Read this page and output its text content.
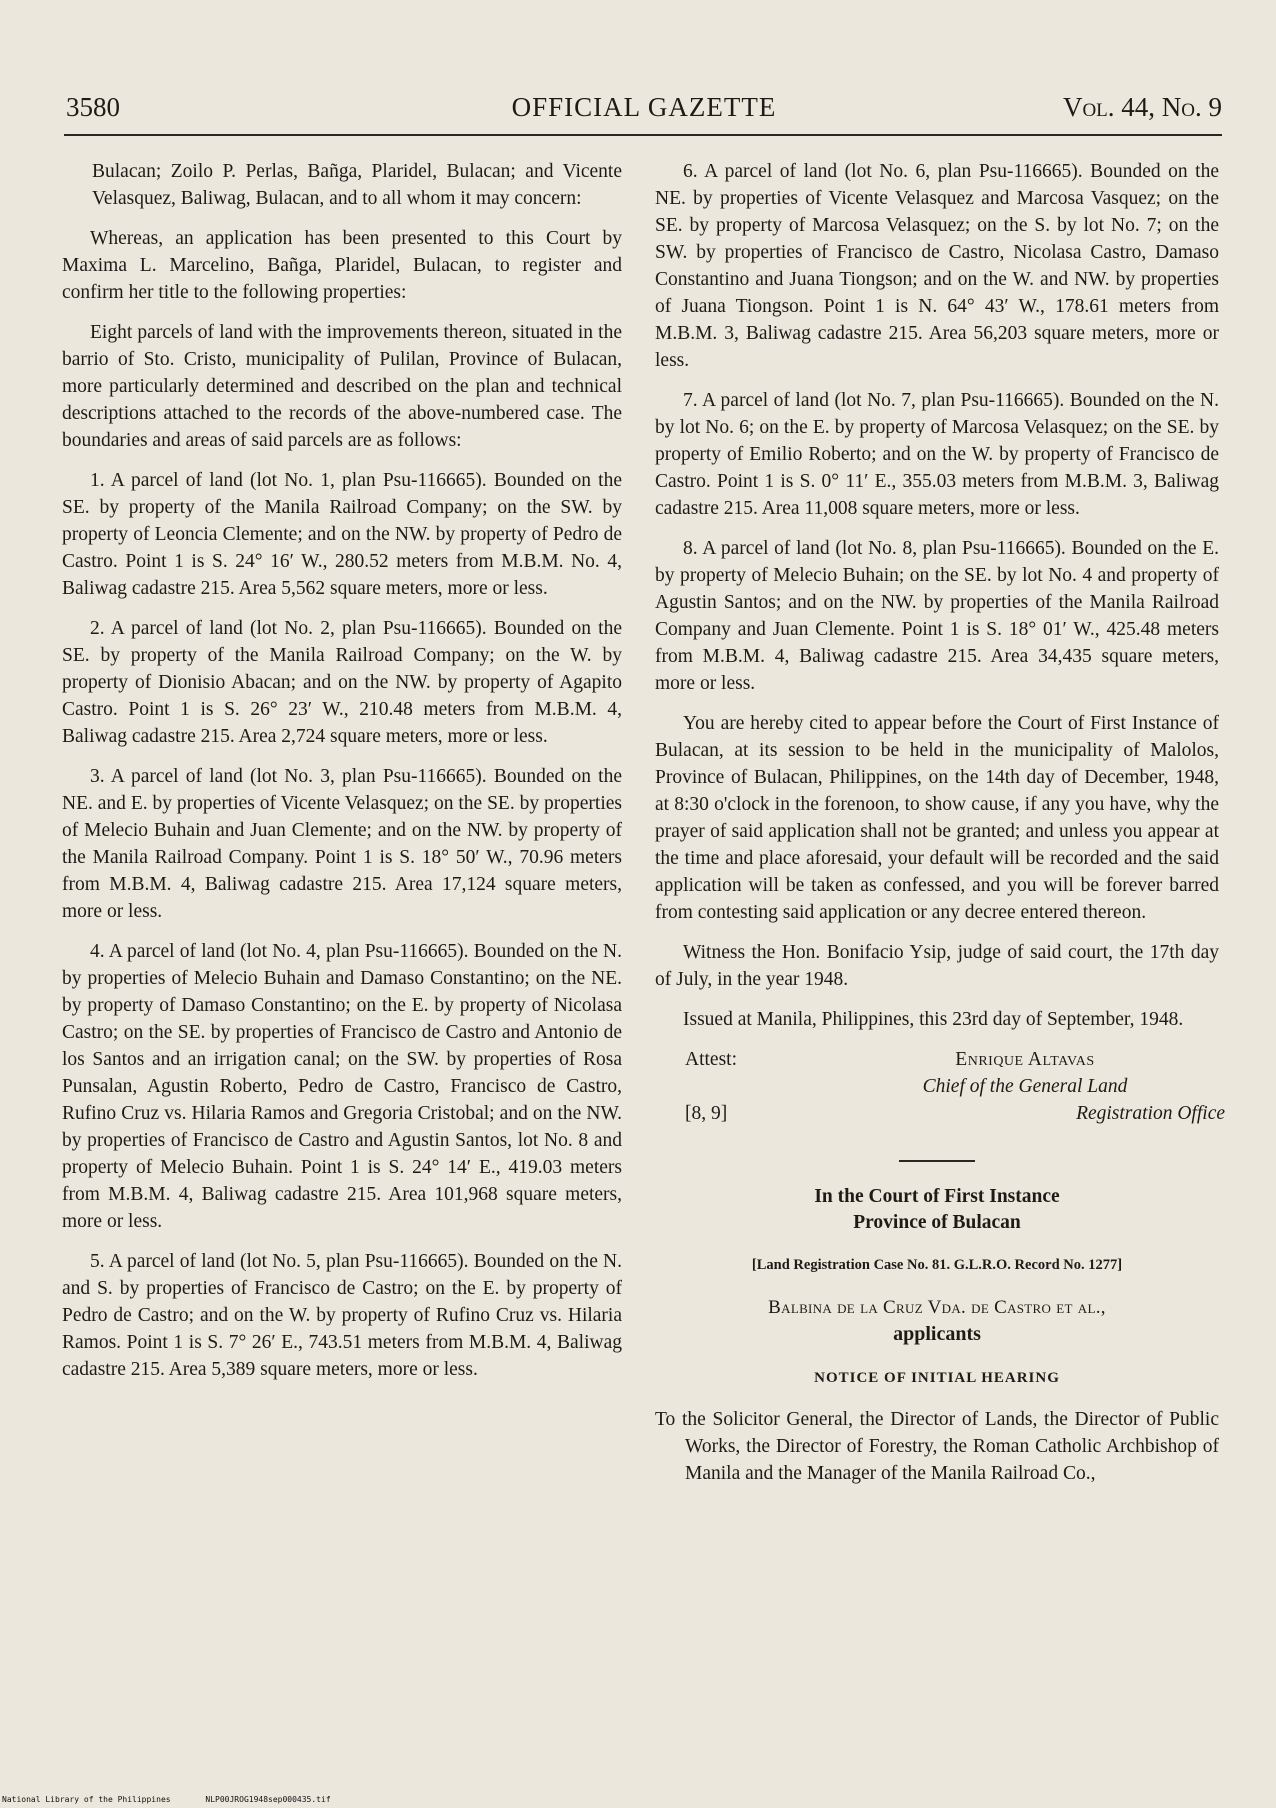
3580	OFFICIAL GAZETTE	Vol. 44, No. 9

Bulacan; Zoilo P. Perlas, Bañga, Plaridel, Bulacan; and Vicente Velasquez, Baliwag, Bulacan, and to all whom it may concern:

Whereas, an application has been presented to this Court by Maxima L. Marcelino, Bañga, Plaridel, Bulacan, to register and confirm her title to the following properties:

Eight parcels of land with the improvements thereon, situated in the barrio of Sto. Cristo, municipality of Pulilan, Province of Bulacan, more particularly determined and described on the plan and technical descriptions attached to the records of the above-numbered case. The boundaries and areas of said parcels are as follows:

1. A parcel of land (lot No. 1, plan Psu-116665). Bounded on the SE. by property of the Manila Railroad Company; on the SW. by property of Leoncia Clemente; and on the NW. by property of Pedro de Castro. Point 1 is S. 24° 16′ W., 280.52 meters from M.B.M. No. 4, Baliwag cadastre 215. Area 5,562 square meters, more or less.

2. A parcel of land (lot No. 2, plan Psu-116665). Bounded on the SE. by property of the Manila Railroad Company; on the W. by property of Dionisio Abacan; and on the NW. by property of Agapito Castro. Point 1 is S. 26° 23′ W., 210.48 meters from M.B.M. 4, Baliwag cadastre 215. Area 2,724 square meters, more or less.

3. A parcel of land (lot No. 3, plan Psu-116665). Bounded on the NE. and E. by properties of Vicente Velasquez; on the SE. by properties of Melecio Buhain and Juan Clemente; and on the NW. by property of the Manila Railroad Company. Point 1 is S. 18° 50′ W., 70.96 meters from M.B.M. 4, Baliwag cadastre 215. Area 17,124 square meters, more or less.

4. A parcel of land (lot No. 4, plan Psu-116665). Bounded on the N. by properties of Melecio Buhain and Damaso Constantino; on the NE. by property of Damaso Constantino; on the E. by property of Nicolasa Castro; on the SE. by properties of Francisco de Castro and Antonio de los Santos and an irrigation canal; on the SW. by properties of Rosa Punsalan, Agustin Roberto, Pedro de Castro, Francisco de Castro, Rufino Cruz vs. Hilaria Ramos and Gregoria Cristobal; and on the NW. by properties of Francisco de Castro and Agustin Santos, lot No. 8 and property of Melecio Buhain. Point 1 is S. 24° 14′ E., 419.03 meters from M.B.M. 4, Baliwag cadastre 215. Area 101,968 square meters, more or less.

5. A parcel of land (lot No. 5, plan Psu-116665). Bounded on the N. and S. by properties of Francisco de Castro; on the E. by property of Pedro de Castro; and on the W. by property of Rufino Cruz vs. Hilaria Ramos. Point 1 is S. 7° 26′ E., 743.51 meters from M.B.M. 4, Baliwag cadastre 215. Area 5,389 square meters, more or less.

6. A parcel of land (lot No. 6, plan Psu-116665). Bounded on the NE. by properties of Vicente Velasquez and Marcosa Vasquez; on the SE. by property of Marcosa Velasquez; on the S. by lot No. 7; on the SW. by properties of Francisco de Castro, Nicolasa Castro, Damaso Constantino and Juana Tiongson; and on the W. and NW. by properties of Juana Tiongson. Point 1 is N. 64° 43′ W., 178.61 meters from M.B.M. 3, Baliwag cadastre 215. Area 56,203 square meters, more or less.

7. A parcel of land (lot No. 7, plan Psu-116665). Bounded on the N. by lot No. 6; on the E. by property of Marcosa Velasquez; on the SE. by property of Emilio Roberto; and on the W. by property of Francisco de Castro. Point 1 is S. 0° 11′ E., 355.03 meters from M.B.M. 3, Baliwag cadastre 215. Area 11,008 square meters, more or less.

8. A parcel of land (lot No. 8, plan Psu-116665). Bounded on the E. by property of Melecio Buhain; on the SE. by lot No. 4 and property of Agustin Santos; and on the NW. by properties of the Manila Railroad Company and Juan Clemente. Point 1 is S. 18° 01′ W., 425.48 meters from M.B.M. 4, Baliwag cadastre 215. Area 34,435 square meters, more or less.

You are hereby cited to appear before the Court of First Instance of Bulacan, at its session to be held in the municipality of Malolos, Province of Bulacan, Philippines, on the 14th day of December, 1948, at 8:30 o'clock in the forenoon, to show cause, if any you have, why the prayer of said application shall not be granted; and unless you appear at the time and place aforesaid, your default will be recorded and the said application will be taken as confessed, and you will be forever barred from contesting said application or any decree entered thereon.

Witness the Hon. Bonifacio Ysip, judge of said court, the 17th day of July, in the year 1948.

Issued at Manila, Philippines, this 23rd day of September, 1948.

Attest:	Enrique Altavas
Chief of the General Land
[8, 9]	Registration Office
In the Court of First Instance
Province of Bulacan
[Land Registration Case No. 81. G.L.R.O. Record No. 1277]
Balbina de la Cruz Vda. de Castro et al.,
applicants
NOTICE OF INITIAL HEARING

To the Solicitor General, the Director of Lands, the Director of Public Works, the Director of Forestry, the Roman Catholic Archbishop of Manila and the Manager of the Manila Railroad Co.,

National Library of the Philippines	NLP00JROG1948sep000435.tif
